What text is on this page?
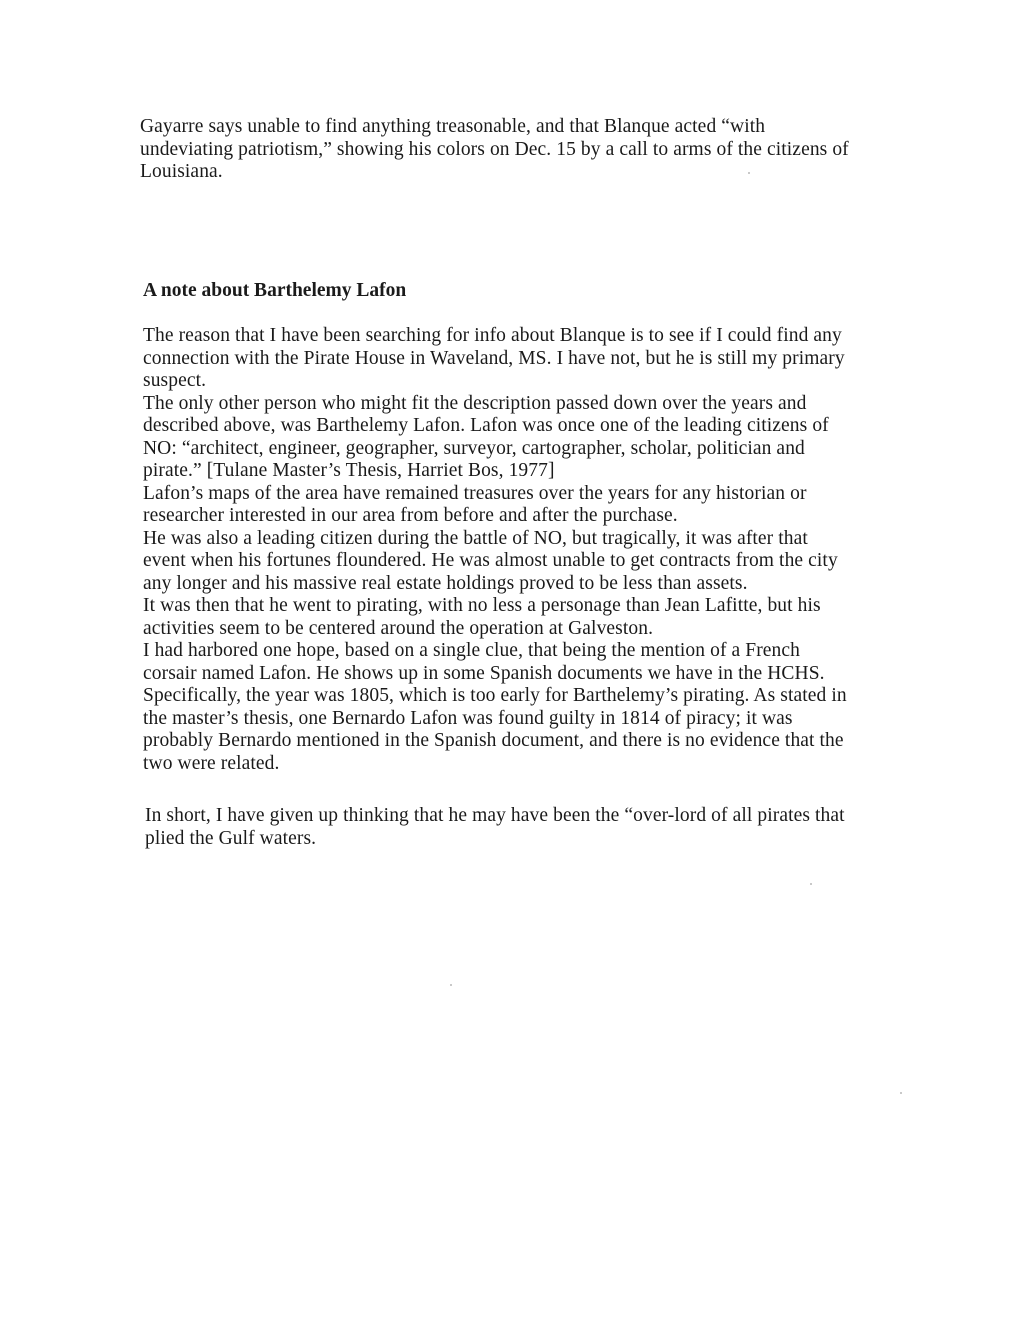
Gayarre says unable to find anything treasonable, and that Blanque acted “with
undeviating patriotism,” showing his colors on Dec. 15 by a call to arms of the citizens of
Louisiana.
A note about Barthelemy Lafon
The reason that I have been searching for info about Blanque is to see if I could find any
connection with the Pirate House in Waveland, MS. I have not, but he is still my primary
suspect.
The only other person who might fit the description passed down over the years and
described above, was Barthelemy Lafon. Lafon was once one of the leading citizens of
NO: “architect, engineer, geographer, surveyor, cartographer, scholar, politician and
pirate.” [Tulane Master’s Thesis, Harriet Bos, 1977]
Lafon’s maps of the area have remained treasures over the years for any historian or
researcher interested in our area from before and after the purchase.
He was also a leading citizen during the battle of NO, but tragically, it was after that
event when his fortunes floundered. He was almost unable to get contracts from the city
any longer and his massive real estate holdings proved to be less than assets.
It was then that he went to pirating, with no less a personage than Jean Lafitte, but his
activities seem to be centered around the operation at Galveston.
I had harbored one hope, based on a single clue, that being the mention of a French
corsair named Lafon. He shows up in some Spanish documents we have in the HCHS.
Specifically, the year was 1805, which is too early for Barthelemy’s pirating. As stated in
the master’s thesis, one Bernardo Lafon was found guilty in 1814 of piracy; it was
probably Bernardo mentioned in the Spanish document, and there is no evidence that the
two were related.
In short, I have given up thinking that he may have been the “over-lord of all pirates that
plied the Gulf waters.
